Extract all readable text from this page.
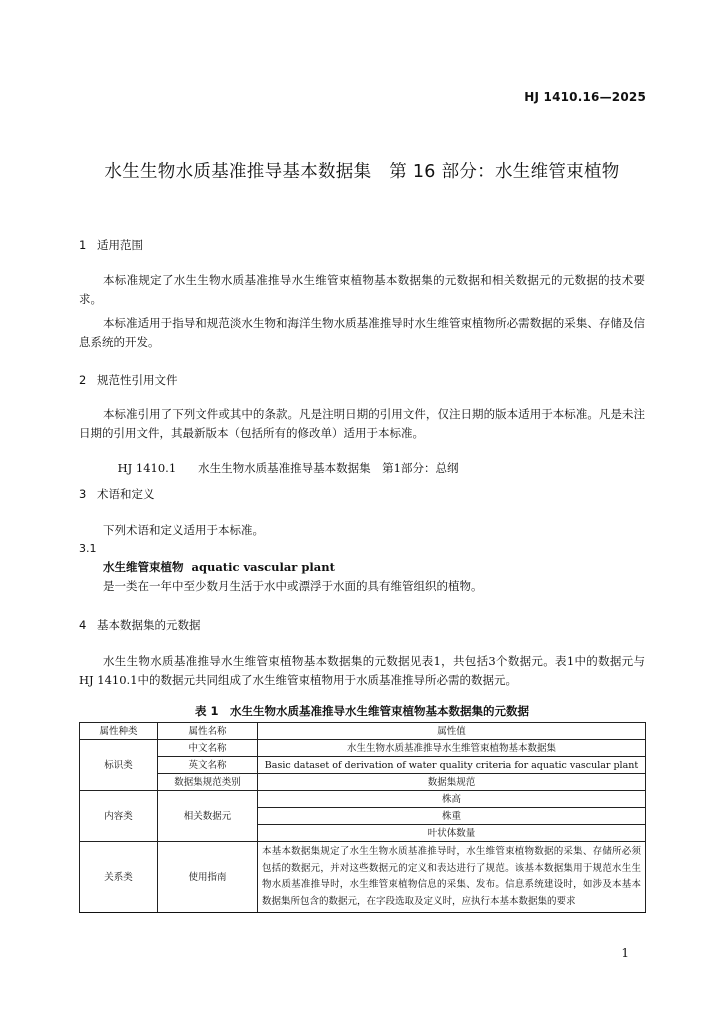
HJ 1410.16—2025
水生生物水质基准推导基本数据集　第 16 部分：水生维管束植物
1 适用范围
本标准规定了水生生物水质基准推导水生维管束植物基本数据集的元数据和相关数据元的元数据的技术要求。
本标准适用于指导和规范淡水生物和海洋生物水质基准推导时水生维管束植物所必需数据的采集、存储及信息系统的开发。
2 规范性引用文件
本标准引用了下列文件或其中的条款。凡是注明日期的引用文件，仅注日期的版本适用于本标准。凡是未注日期的引用文件，其最新版本（包括所有的修改单）适用于本标准。

HJ 1410.1 水生生物水质基准推导基本数据集　第1部分：总纲

3 术语和定义
下列术语和定义适用于本标准。
3.1
水生维管束植物 aquatic vascular plant
是一类在一年中至少数月生活于水中或漂浮于水面的具有维管组织的植物。
4 基本数据集的元数据
水生生物水质基准推导水生维管束植物基本数据集的元数据见表1，共包括3个数据元。表1中的数据元与HJ 1410.1中的数据元共同组成了水生维管束植物用于水质基准推导所必需的数据元。
表 1　水生生物水质基准推导水生维管束植物基本数据集的元数据
属性种类	属性名称	属性值
标识类	中文名称	水生生物水质基准推导水生维管束植物基本数据集
	英文名称	Basic dataset of derivation of water quality criteria for aquatic vascular plant
	数据集规范类别	数据集规范
内容类	相关数据元	株高
		株重
		叶状体数量
关系类	使用指南	本基本数据集规定了水生生物水质基准推导时，水生维管束植物数据的采集、存储所必须包括的数据元，并对这些数据元的定义和表达进行了规范。该基本数据集用于规范水生生物水质基准推导时，水生维管束植物信息的采集、发布。信息系统建设时，如涉及本基本数据集所包含的数据元，在字段选取及定义时，应执行本基本数据集的要求
1
